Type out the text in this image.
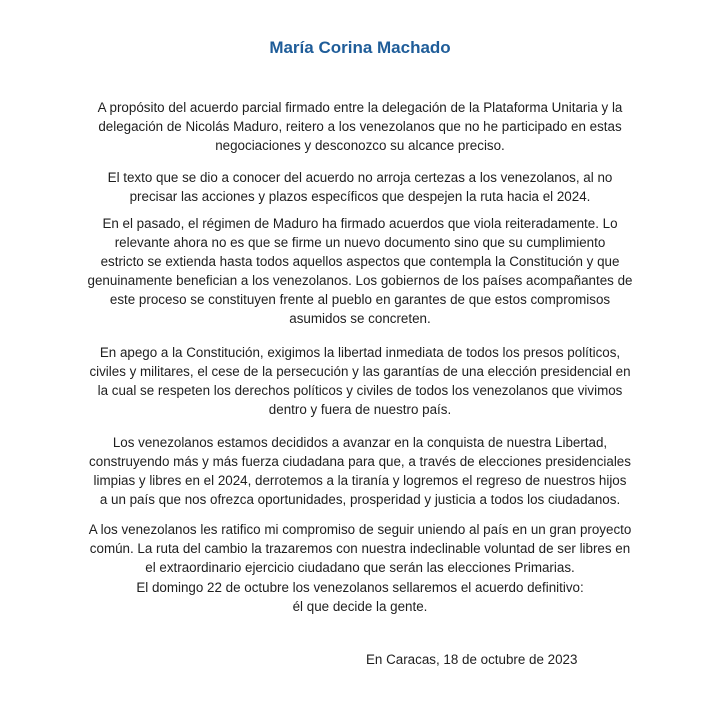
María Corina Machado
A propósito del acuerdo parcial firmado entre la delegación de la Plataforma Unitaria y la
delegación de Nicolás Maduro, reitero a los venezolanos que no he participado en estas
negociaciones y desconozco su alcance preciso.
El texto que se dio a conocer del acuerdo no arroja certezas a los venezolanos, al no
precisar las acciones y plazos específicos que despejen la ruta hacia el 2024.
En el pasado, el régimen de Maduro ha firmado acuerdos que viola reiteradamente. Lo
relevante ahora no es que se firme un nuevo documento sino que su cumplimiento
estricto se extienda hasta todos aquellos aspectos que contempla la Constitución y que
genuinamente benefician a los venezolanos. Los gobiernos de los países acompañantes de
este proceso se constituyen frente al pueblo en garantes de que estos compromisos
asumidos se concreten.
En apego a la Constitución, exigimos la libertad inmediata de todos los presos políticos,
civiles y militares, el cese de la persecución y las garantías de una elección presidencial en
la cual se respeten los derechos políticos y civiles de todos los venezolanos que vivimos
dentro y fuera de nuestro país.
Los venezolanos estamos decididos a avanzar en la conquista de nuestra Libertad,
construyendo más y más fuerza ciudadana para que, a través de elecciones presidenciales
limpias y libres en el 2024, derrotemos a la tiranía y logremos el regreso de nuestros hijos
a un país que nos ofrezca oportunidades, prosperidad y justicia a todos los ciudadanos.
A los venezolanos les ratifico mi compromiso de seguir uniendo al país en un gran proyecto
común. La ruta del cambio la trazaremos con nuestra indeclinable voluntad de ser libres en
el extraordinario ejercicio ciudadano que serán las elecciones Primarias.
El domingo 22 de octubre los venezolanos sellaremos el acuerdo definitivo:
él que decide la gente.
En Caracas, 18 de octubre de 2023
